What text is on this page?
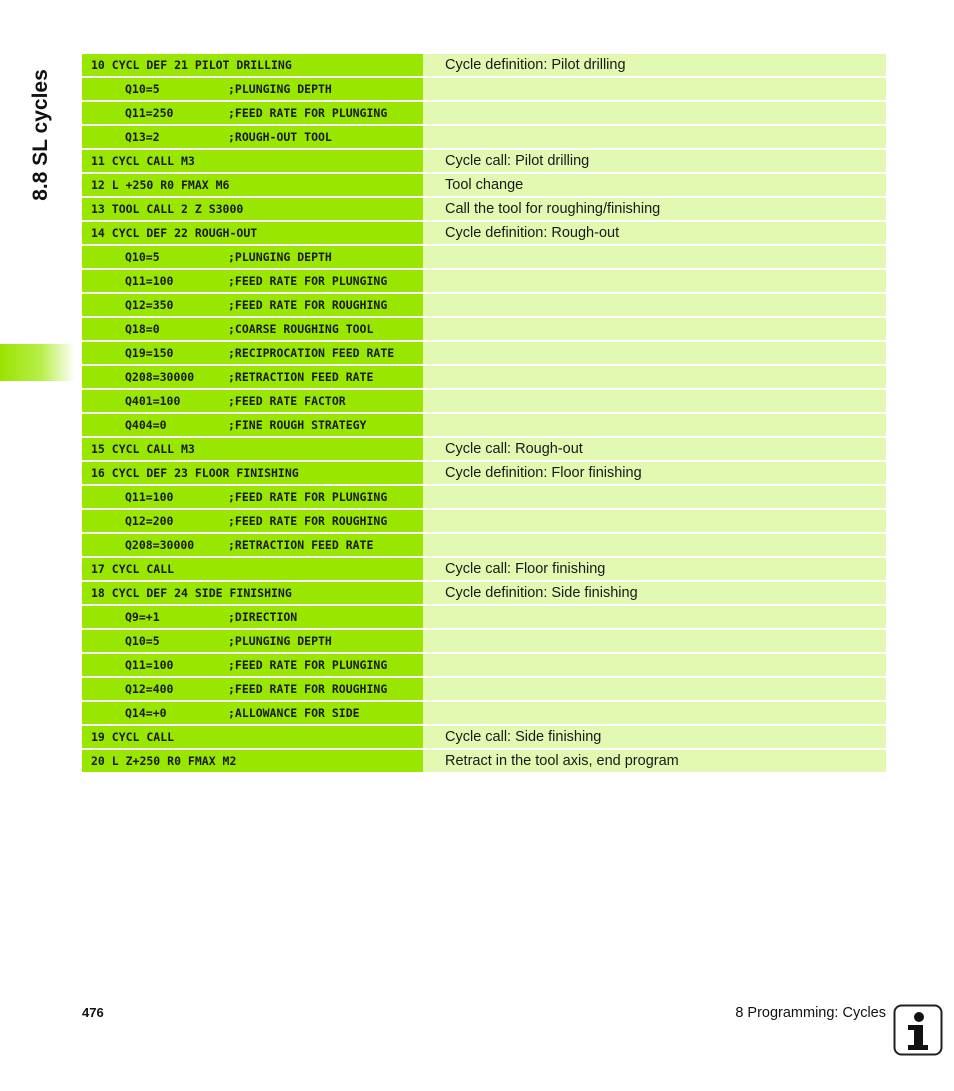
8.8 SL cycles
10 CYCL DEF 21 PILOT DRILLING	Cycle definition: Pilot drilling
Q10=5	;PLUNGING DEPTH
Q11=250	;FEED RATE FOR PLUNGING
Q13=2	;ROUGH-OUT TOOL
11 CYCL CALL M3	Cycle call: Pilot drilling
12 L +250 R0 FMAX M6	Tool change
13 TOOL CALL 2 Z S3000	Call the tool for roughing/finishing
14 CYCL DEF 22 ROUGH-OUT	Cycle definition: Rough-out
Q10=5	;PLUNGING DEPTH
Q11=100	;FEED RATE FOR PLUNGING
Q12=350	;FEED RATE FOR ROUGHING
Q18=0	;COARSE ROUGHING TOOL
Q19=150	;RECIPROCATION FEED RATE
Q208=30000	;RETRACTION FEED RATE
Q401=100	;FEED RATE FACTOR
Q404=0	;FINE ROUGH STRATEGY
15 CYCL CALL M3	Cycle call: Rough-out
16 CYCL DEF 23 FLOOR FINISHING	Cycle definition: Floor finishing
Q11=100	;FEED RATE FOR PLUNGING
Q12=200	;FEED RATE FOR ROUGHING
Q208=30000	;RETRACTION FEED RATE
17 CYCL CALL	Cycle call: Floor finishing
18 CYCL DEF 24 SIDE FINISHING	Cycle definition: Side finishing
Q9=+1	;DIRECTION
Q10=5	;PLUNGING DEPTH
Q11=100	;FEED RATE FOR PLUNGING
Q12=400	;FEED RATE FOR ROUGHING
Q14=+0	;ALLOWANCE FOR SIDE
19 CYCL CALL	Cycle call: Side finishing
20 L Z+250 R0 FMAX M2	Retract in the tool axis, end program
476	8 Programming: Cycles
